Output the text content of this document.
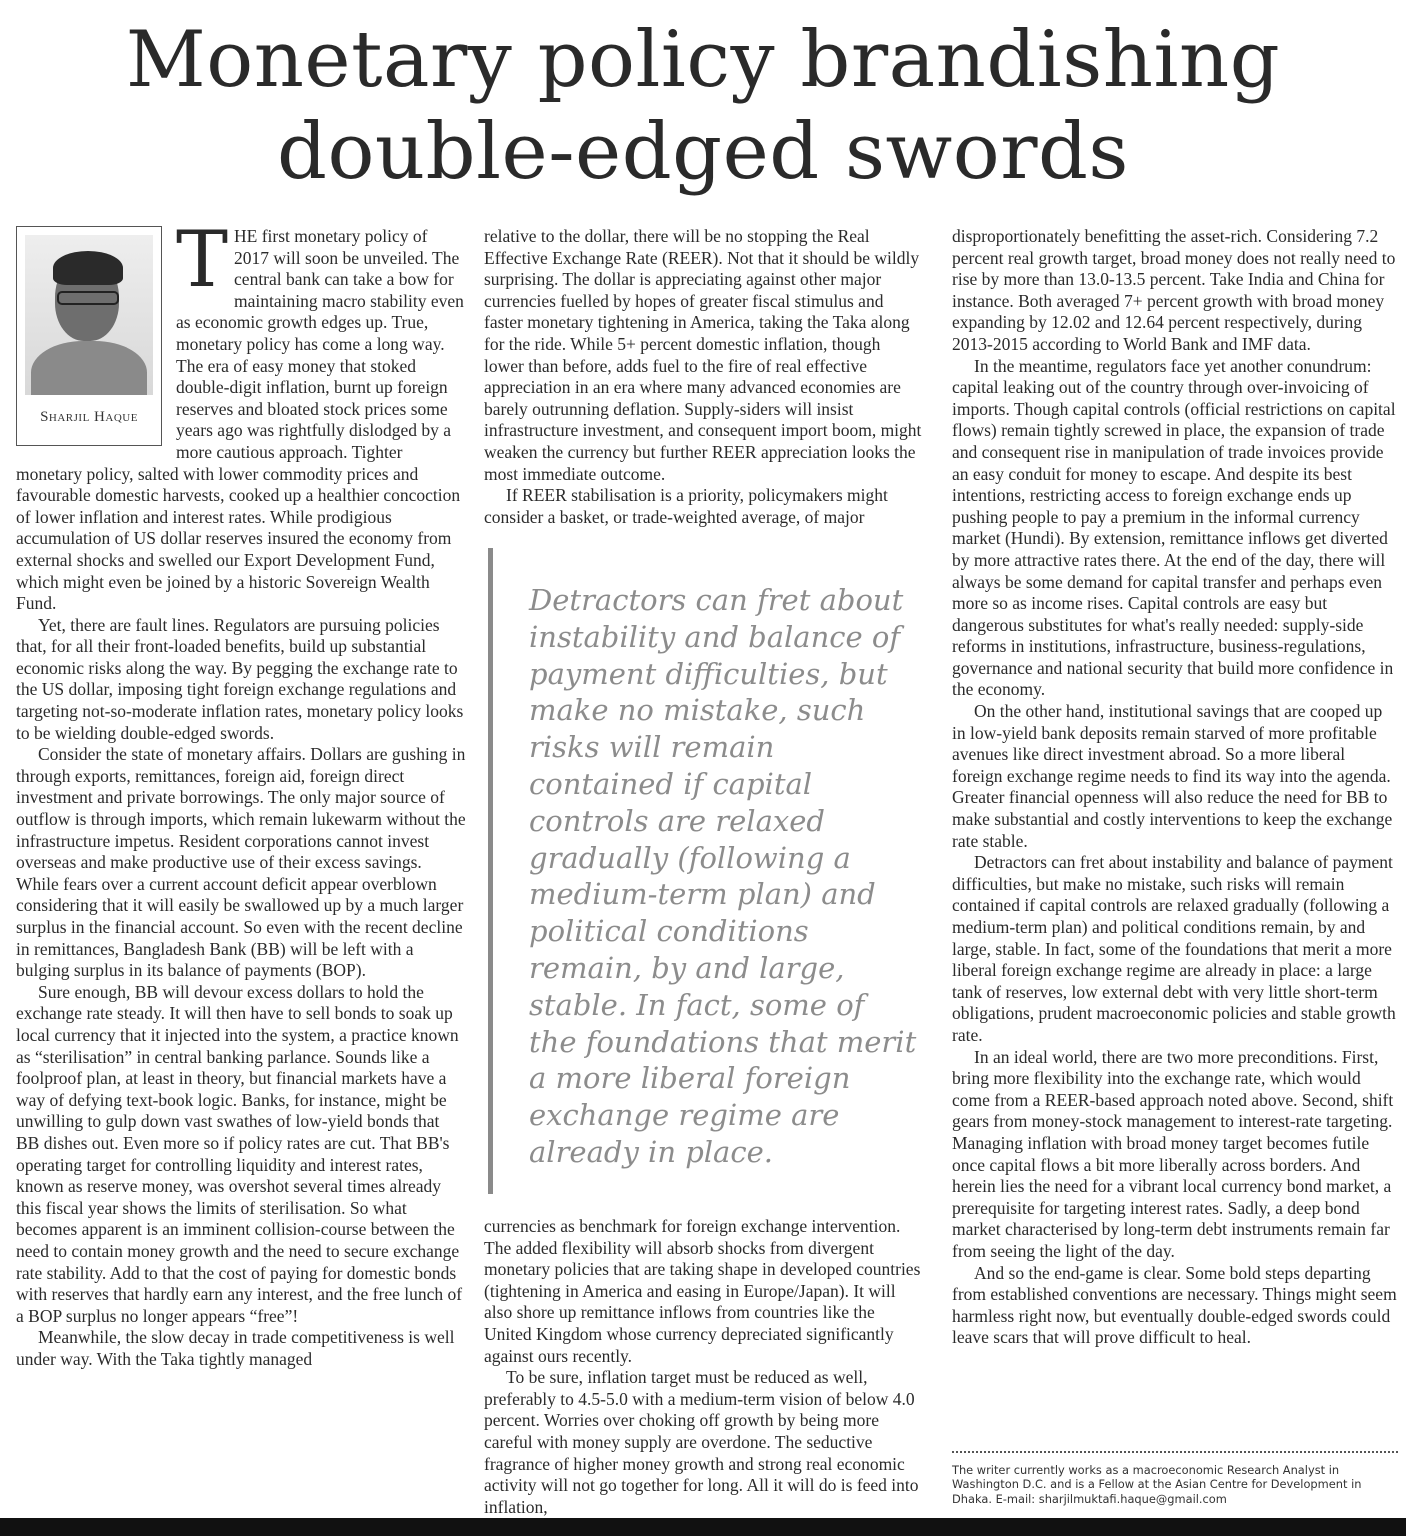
Monetary policy brandishing double-edged swords
Sharjil Haque

THE first monetary policy of 2017 will soon be unveiled. The central bank can take a bow for maintaining macro stability even as economic growth edges up. True, monetary policy has come a long way. The era of easy money that stoked double-digit inflation, burnt up foreign reserves and bloated stock prices some years ago was rightfully dislodged by a more cautious approach. Tighter monetary policy, salted with lower commodity prices and favourable domestic harvests, cooked up a healthier concoction of lower inflation and interest rates. While prodigious accumulation of US dollar reserves insured the economy from external shocks and swelled our Export Development Fund, which might even be joined by a historic Sovereign Wealth Fund.

Yet, there are fault lines. Regulators are pursuing policies that, for all their front-loaded benefits, build up substantial economic risks along the way. By pegging the exchange rate to the US dollar, imposing tight foreign exchange regulations and targeting not-so-moderate inflation rates, monetary policy looks to be wielding double-edged swords.

Consider the state of monetary affairs. Dollars are gushing in through exports, remittances, foreign aid, foreign direct investment and private borrowings. The only major source of outflow is through imports, which remain lukewarm without the infrastructure impetus. Resident corporations cannot invest overseas and make productive use of their excess savings. While fears over a current account deficit appear overblown considering that it will easily be swallowed up by a much larger surplus in the financial account. So even with the recent decline in remittances, Bangladesh Bank (BB) will be left with a bulging surplus in its balance of payments (BOP).

Sure enough, BB will devour excess dollars to hold the exchange rate steady. It will then have to sell bonds to soak up local currency that it injected into the system, a practice known as “sterilisation” in central banking parlance. Sounds like a foolproof plan, at least in theory, but financial markets have a way of defying text-book logic. Banks, for instance, might be unwilling to gulp down vast swathes of low-yield bonds that BB dishes out. Even more so if policy rates are cut. That BB's operating target for controlling liquidity and interest rates, known as reserve money, was overshot several times already this fiscal year shows the limits of sterilisation. So what becomes apparent is an imminent collision-course between the need to contain money growth and the need to secure exchange rate stability. Add to that the cost of paying for domestic bonds with reserves that hardly earn any interest, and the free lunch of a BOP surplus no longer appears “free”!

Meanwhile, the slow decay in trade competitiveness is well under way. With the Taka tightly managed

relative to the dollar, there will be no stopping the Real Effective Exchange Rate (REER). Not that it should be wildly surprising. The dollar is appreciating against other major currencies fuelled by hopes of greater fiscal stimulus and faster monetary tightening in America, taking the Taka along for the ride. While 5+ percent domestic inflation, though lower than before, adds fuel to the fire of real effective appreciation in an era where many advanced economies are barely outrunning deflation. Supply-siders will insist infrastructure investment, and consequent import boom, might weaken the currency but further REER appreciation looks the most immediate outcome.

If REER stabilisation is a priority, policymakers might consider a basket, or trade-weighted average, of major

Detractors can fret about instability and balance of payment difficulties, but make no mistake, such risks will remain contained if capital controls are relaxed gradually (following a medium-term plan) and political conditions remain, by and large, stable. In fact, some of the foundations that merit a more liberal foreign exchange regime are already in place.

currencies as benchmark for foreign exchange intervention. The added flexibility will absorb shocks from divergent monetary policies that are taking shape in developed countries (tightening in America and easing in Europe/Japan). It will also shore up remittance inflows from countries like the United Kingdom whose currency depreciated significantly against ours recently.

To be sure, inflation target must be reduced as well, preferably to 4.5-5.0 with a medium-term vision of below 4.0 percent. Worries over choking off growth by being more careful with money supply are overdone. The seductive fragrance of higher money growth and strong real economic activity will not go together for long. All it will do is feed into inflation,

disproportionately benefitting the asset-rich. Considering 7.2 percent real growth target, broad money does not really need to rise by more than 13.0-13.5 percent. Take India and China for instance. Both averaged 7+ percent growth with broad money expanding by 12.02 and 12.64 percent respectively, during 2013-2015 according to World Bank and IMF data.

In the meantime, regulators face yet another conundrum: capital leaking out of the country through over-invoicing of imports. Though capital controls (official restrictions on capital flows) remain tightly screwed in place, the expansion of trade and consequent rise in manipulation of trade invoices provide an easy conduit for money to escape. And despite its best intentions, restricting access to foreign exchange ends up pushing people to pay a premium in the informal currency market (Hundi). By extension, remittance inflows get diverted by more attractive rates there. At the end of the day, there will always be some demand for capital transfer and perhaps even more so as income rises. Capital controls are easy but dangerous substitutes for what's really needed: supply-side reforms in institutions, infrastructure, business-regulations, governance and national security that build more confidence in the economy.

On the other hand, institutional savings that are cooped up in low-yield bank deposits remain starved of more profitable avenues like direct investment abroad. So a more liberal foreign exchange regime needs to find its way into the agenda. Greater financial openness will also reduce the need for BB to make substantial and costly interventions to keep the exchange rate stable.

Detractors can fret about instability and balance of payment difficulties, but make no mistake, such risks will remain contained if capital controls are relaxed gradually (following a medium-term plan) and political conditions remain, by and large, stable. In fact, some of the foundations that merit a more liberal foreign exchange regime are already in place: a large tank of reserves, low external debt with very little short-term obligations, prudent macroeconomic policies and stable growth rate.

In an ideal world, there are two more preconditions. First, bring more flexibility into the exchange rate, which would come from a REER-based approach noted above. Second, shift gears from money-stock management to interest-rate targeting. Managing inflation with broad money target becomes futile once capital flows a bit more liberally across borders. And herein lies the need for a vibrant local currency bond market, a prerequisite for targeting interest rates. Sadly, a deep bond market characterised by long-term debt instruments remain far from seeing the light of the day.

And so the end-game is clear. Some bold steps departing from established conventions are necessary. Things might seem harmless right now, but eventually double-edged swords could leave scars that will prove difficult to heal.

The writer currently works as a macroeconomic Research Analyst in Washington D.C. and is a Fellow at the Asian Centre for Development in Dhaka. E-mail: sharjilmuktafi.haque@gmail.com
